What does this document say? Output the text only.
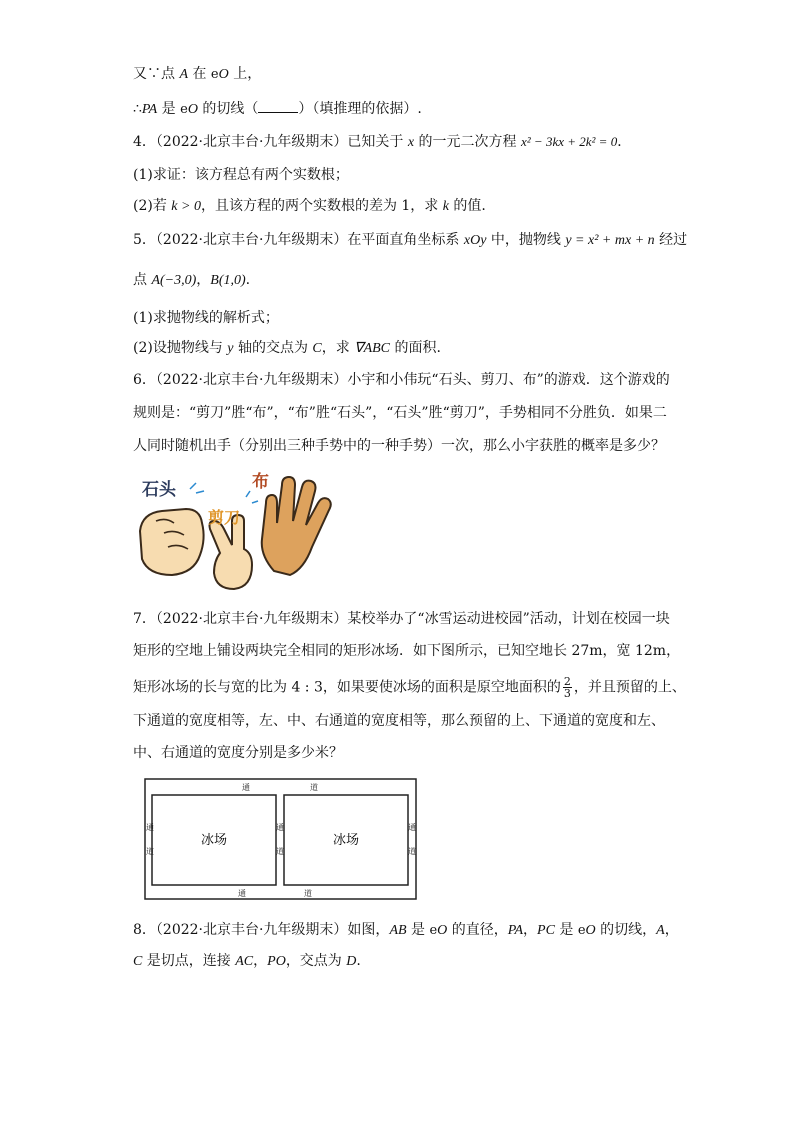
又∵点 A 在 eO 上，
∴PA 是 eO 的切线（	）（填推理的依据）.
4．（2022·北京丰台·九年级期末）已知关于 x 的一元二次方程 x² − 3kx + 2k² = 0．
(1)求证：该方程总有两个实数根；
(2)若 k > 0，且该方程的两个实数根的差为 1，求 k 的值.
5．（2022·北京丰台·九年级期末）在平面直角坐标系 xOy 中，抛物线 y = x² + mx + n 经过
点 A(−3,0)，B(1,0).
(1)求抛物线的解析式；
(2)设抛物线与 y 轴的交点为 C，求 ∇ABC 的面积.
6．（2022·北京丰台·九年级期末）小宇和小伟玩“石头、剪刀、布”的游戏．这个游戏的
规则是：“剪刀”胜“布”，“布”胜“石头”，“石头”胜“剪刀”，手势相同不分胜负．如果二
人同时随机出手（分别出三种手势中的一种手势）一次，那么小宇获胜的概率是多少？
石头
剪刀
布
7．（2022·北京丰台·九年级期末）某校举办了“冰雪运动进校园”活动，计划在校园一块
矩形的空地上铺设两块完全相同的矩形冰场．如下图所示，已知空地长 27m，宽 12m，
矩形冰场的长与宽的比为 4 : 3，如果要使冰场的面积是原空地面积的 $\frac{2}{3}$ ，并且预留的上、
下通道的宽度相等，左、中、右通道的宽度相等，那么预留的上、下通道的宽度和左、
中、右通道的宽度分别是多少米？
冰场	冰场
通	道
通	道
通
道
通
道
通
道
8．（2022·北京丰台·九年级期末）如图，AB 是 eO 的直径，PA，PC 是 eO 的切线，A，
C 是切点，连接 AC，PO，交点为 D.
